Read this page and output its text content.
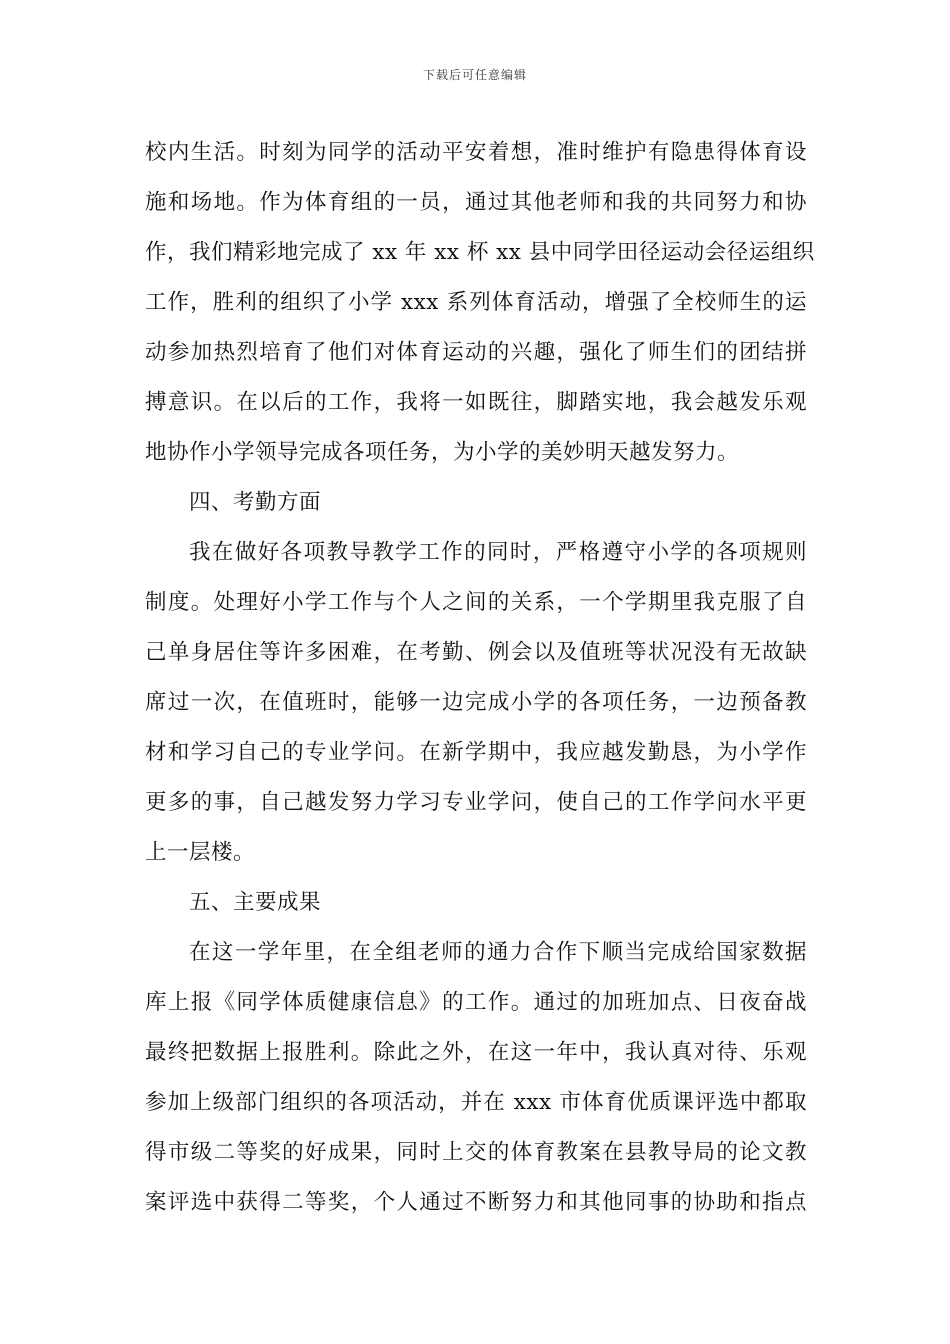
下载后可任意编辑

校内生活。时刻为同学的活动平安着想，准时维护有隐患得体育设
施和场地。作为体育组的一员，通过其他老师和我的共同努力和协
作，我们精彩地完成了 xx 年 xx 杯 xx 县中同学田径运动会径运组织
工作，胜利的组织了小学 xxx 系列体育活动，增强了全校师生的运
动参加热烈培育了他们对体育运动的兴趣，强化了师生们的团结拼
搏意识。在以后的工作，我将一如既往，脚踏实地，我会越发乐观
地协作小学领导完成各项任务，为小学的美妙明天越发努力。

四、考勤方面

我在做好各项教导教学工作的同时，严格遵守小学的各项规则
制度。处理好小学工作与个人之间的关系，一个学期里我克服了自
己单身居住等许多困难，在考勤、例会以及值班等状况没有无故缺
席过一次，在值班时，能够一边完成小学的各项任务，一边预备教
材和学习自己的专业学问。在新学期中，我应越发勤恳，为小学作
更多的事，自己越发努力学习专业学问，使自己的工作学问水平更
上一层楼。

五、主要成果

在这一学年里，在全组老师的通力合作下顺当完成给国家数据
库上报《同学体质健康信息》的工作。通过的加班加点、日夜奋战
最终把数据上报胜利。除此之外，在这一年中，我认真对待、乐观
参加上级部门组织的各项活动，并在 xxx 市体育优质课评选中都取
得市级二等奖的好成果，同时上交的体育教案在县教导局的论文教
案评选中获得二等奖，个人通过不断努力和其他同事的协助和指点
